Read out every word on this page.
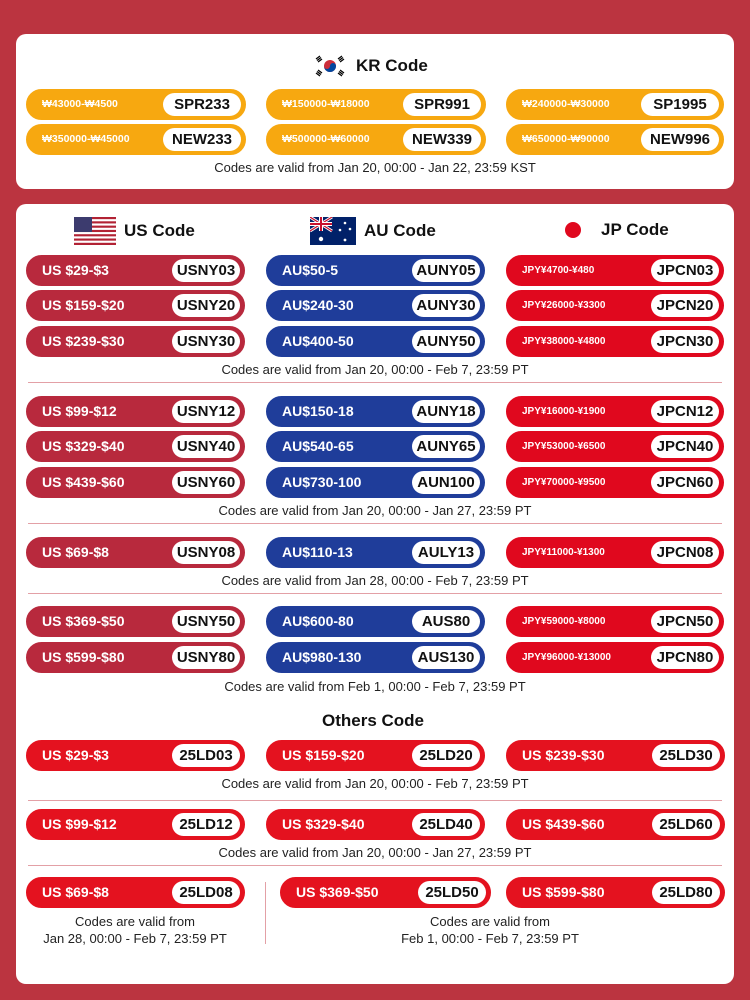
KR Code
US Code	AU Code	JP Code
₩43000-₩4500	SPR233	₩150000-₩18000	SPR991	₩240000-₩30000	SP1995
₩350000-₩45000	NEW233	₩500000-₩60000	NEW339	₩650000-₩90000	NEW996
US $29-$3	USNY03	AU$50-5	AUNY05	JPY¥4700-¥480	JPCN03
US $159-$20	USNY20	AU$240-30	AUNY30	JPY¥26000-¥3300	JPCN20
US $239-$30	USNY30	AU$400-50	AUNY50	JPY¥38000-¥4800	JPCN30
US $99-$12	USNY12	AU$150-18	AUNY18	JPY¥16000-¥1900	JPCN12
US $329-$40	USNY40	AU$540-65	AUNY65	JPY¥53000-¥6500	JPCN40
US $439-$60	USNY60	AU$730-100	AUN100	JPY¥70000-¥9500	JPCN60
US $69-$8	USNY08	AU$110-13	AULY13	JPY¥11000-¥1300	JPCN08
US $369-$50	USNY50	AU$600-80	AUS80	JPY¥59000-¥8000	JPCN50
US $599-$80	USNY80	AU$980-130	AUS130	JPY¥96000-¥13000	JPCN80
US $29-$3	25LD03	US $159-$20	25LD20	US $239-$30	25LD30
US $99-$12	25LD12	US $329-$40	25LD40	US $439-$60	25LD60
US $69-$8	25LD08	US $369-$50	25LD50	US $599-$80	25LD80
Codes are valid from Jan 20, 00:00 - Jan 22, 23:59 KST
Codes are valid from Jan 20, 00:00 - Feb 7, 23:59 PT
Codes are valid from Jan 20, 00:00 - Jan 27, 23:59 PT
Codes are valid from Jan 28, 00:00 - Feb 7, 23:59 PT
Codes are valid from Feb 1, 00:00 - Feb 7, 23:59 PT
Others Code
Codes are valid from Jan 20, 00:00 - Feb 7, 23:59 PT
Codes are valid from Jan 20, 00:00 - Jan 27, 23:59 PT
Codes are valid from
Jan 28, 00:00 - Feb 7, 23:59 PT
Codes are valid from
Feb 1, 00:00 - Feb 7, 23:59 PT
